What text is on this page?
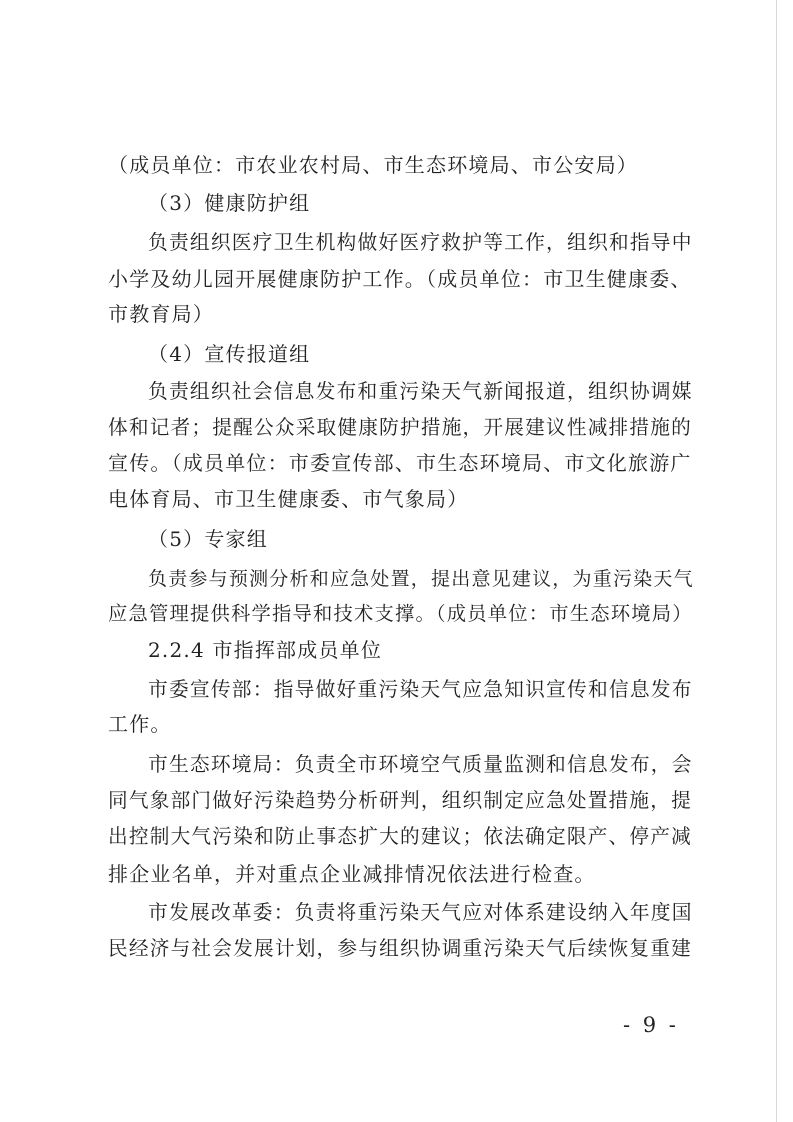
（成员单位：市农业农村局、市生态环境局、市公安局）
（3）健康防护组
负责组织医疗卫生机构做好医疗救护等工作，组织和指导中
小学及幼儿园开展健康防护工作。（成员单位：市卫生健康委、
市教育局）
（4）宣传报道组
负责组织社会信息发布和重污染天气新闻报道，组织协调媒
体和记者；提醒公众采取健康防护措施，开展建议性减排措施的
宣传。（成员单位：市委宣传部、市生态环境局、市文化旅游广
电体育局、市卫生健康委、市气象局）
（5）专家组
负责参与预测分析和应急处置，提出意见建议，为重污染天气
应急管理提供科学指导和技术支撑。（成员单位：市生态环境局）
2.2.4 市指挥部成员单位
市委宣传部：指导做好重污染天气应急知识宣传和信息发布
工作。
市生态环境局：负责全市环境空气质量监测和信息发布，会
同气象部门做好污染趋势分析研判，组织制定应急处置措施，提
出控制大气污染和防止事态扩大的建议；依法确定限产、停产减
排企业名单，并对重点企业减排情况依法进行检查。
市发展改革委：负责将重污染天气应对体系建设纳入年度国
民经济与社会发展计划，参与组织协调重污染天气后续恢复重建
- 9 -
